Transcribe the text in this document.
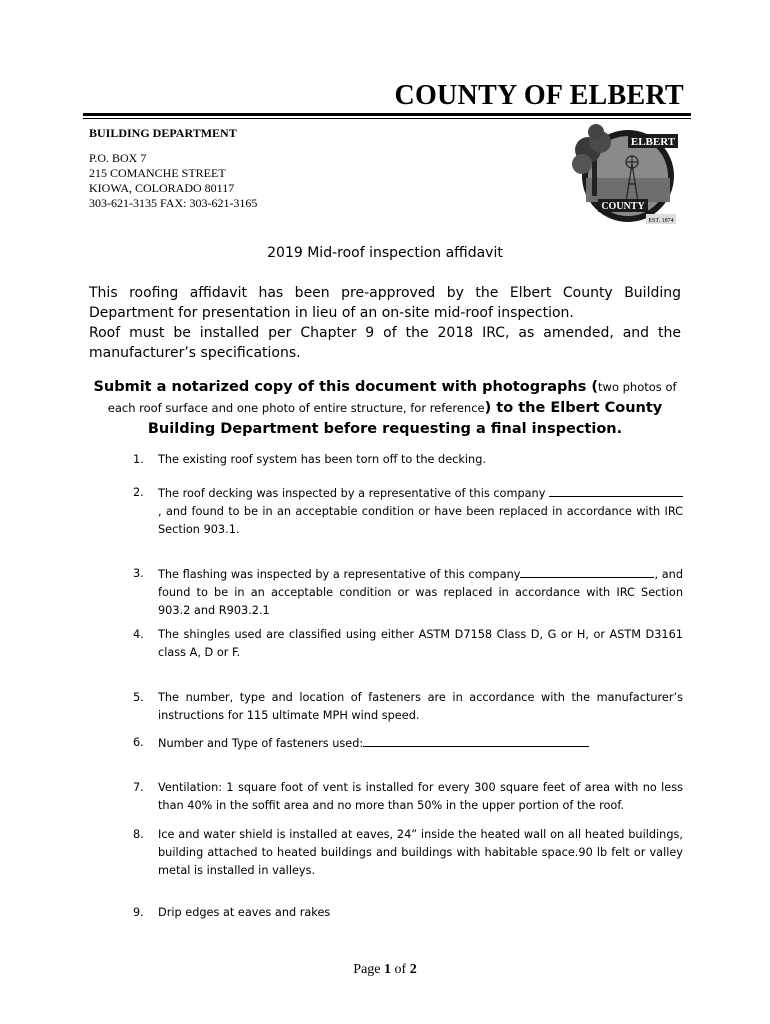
COUNTY OF ELBERT
BUILDING DEPARTMENT
P.O. BOX 7
215 COMANCHE STREET
KIOWA, COLORADO 80117
303-621-3135 FAX: 303-621-3165
ELBERT
COUNTY
EST. 1874
2019 Mid-roof inspection affidavit

This roofing affidavit has been pre-approved by the Elbert County Building Department for presentation in lieu of an on-site mid-roof inspection.

Roof must be installed per Chapter 9 of the 2018 IRC, as amended, and the manufacturer’s specifications.

Submit a notarized copy of this document with photographs (two photos of each roof surface and one photo of entire structure, for reference) to the Elbert County Building Department before requesting a final inspection.
1.	The existing roof system has been torn off to the decking.
2.	The roof decking was inspected by a representative of this company , and found to be in an acceptable condition or have been replaced in accordance with IRC Section 903.1.
3.	The flashing was inspected by a representative of this company	, and found to be in an acceptable condition or was replaced in accordance with IRC Section 903.2 and R903.2.1
4.	The shingles used are classified using either ASTM D7158 Class D, G or H, or ASTM D3161 class A, D or F.
5.	The number, type and location of fasteners are in accordance with the manufacturer’s instructions for 115 ultimate MPH wind speed.
6.	Number and Type of fasteners used:
7.	Ventilation: 1 square foot of vent is installed for every 300 square feet of area with no less than 40% in the soffit area and no more than 50% in the upper portion of the roof.
8.	Ice and water shield is installed at eaves, 24” inside the heated wall on all heated buildings, building attached to heated buildings and buildings with habitable space.90 lb felt or valley metal is installed in valleys.
9.	Drip edges at eaves and rakes
Page 1 of 2
